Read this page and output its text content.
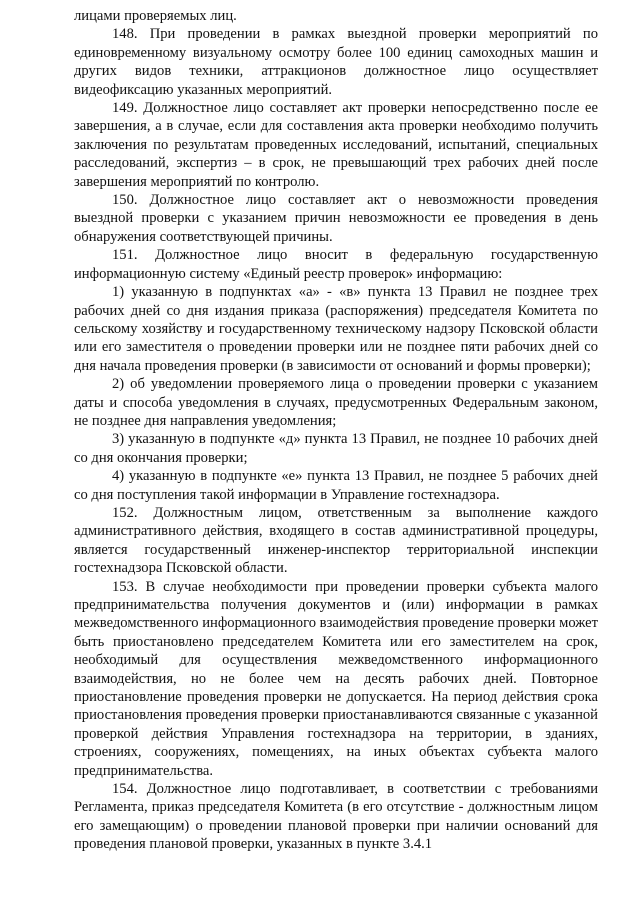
лицами проверяемых лиц.

148. При проведении в рамках выездной проверки мероприятий по единовременному визуальному осмотру более 100 единиц самоходных машин и других видов техники, аттракционов должностное лицо осуществляет видеофиксацию указанных мероприятий.

149. Должностное лицо составляет акт проверки непосредственно после ее завершения, а в случае, если для составления акта проверки необходимо получить заключения по результатам проведенных исследований, испытаний, специальных расследований, экспертиз – в срок, не превышающий трех рабочих дней после завершения мероприятий по контролю.

150. Должностное лицо составляет акт о невозможности проведения выездной проверки с указанием причин невозможности ее проведения в день обнаружения соответствующей причины.

151. Должностное лицо вносит в федеральную государственную информационную систему «Единый реестр проверок» информацию:

1) указанную в подпунктах «а» - «в» пункта 13 Правил не позднее трех рабочих дней со дня издания приказа (распоряжения) председателя Комитета по сельскому хозяйству и государственному техническому надзору Псковской области или его заместителя о проведении проверки или не позднее пяти рабочих дней со дня начала проведения проверки (в зависимости от оснований и формы проверки);

2) об уведомлении проверяемого лица о проведении проверки с указанием даты и способа уведомления в случаях, предусмотренных Федеральным законом, не позднее дня направления уведомления;

3) указанную в подпункте «д» пункта 13 Правил, не позднее 10 рабочих дней со дня окончания проверки;

4) указанную в подпункте «е» пункта 13 Правил, не позднее 5 рабочих дней со дня поступления такой информации в Управление гостехнадзора.

152. Должностным лицом, ответственным за выполнение каждого административного действия, входящего в состав административной процедуры, является государственный инженер-инспектор территориальной инспекции гостехнадзора Псковской области.

153. В случае необходимости при проведении проверки субъекта малого предпринимательства получения документов и (или) информации в рамках межведомственного информационного взаимодействия проведение проверки может быть приостановлено председателем Комитета или его заместителем на срок, необходимый для осуществления межведомственного информационного взаимодействия, но не более чем на десять рабочих дней. Повторное приостановление проведения проверки не допускается. На период действия срока приостановления проведения проверки приостанавливаются связанные с указанной проверкой действия Управления гостехнадзора на территории, в зданиях, строениях, сооружениях, помещениях, на иных объектах субъекта малого предпринимательства.

154. Должностное лицо подготавливает, в соответствии с требованиями Регламента, приказ председателя Комитета (в его отсутствие - должностным лицом его замещающим) о проведении плановой проверки при наличии оснований для проведения плановой проверки, указанных в пункте 3.4.1
